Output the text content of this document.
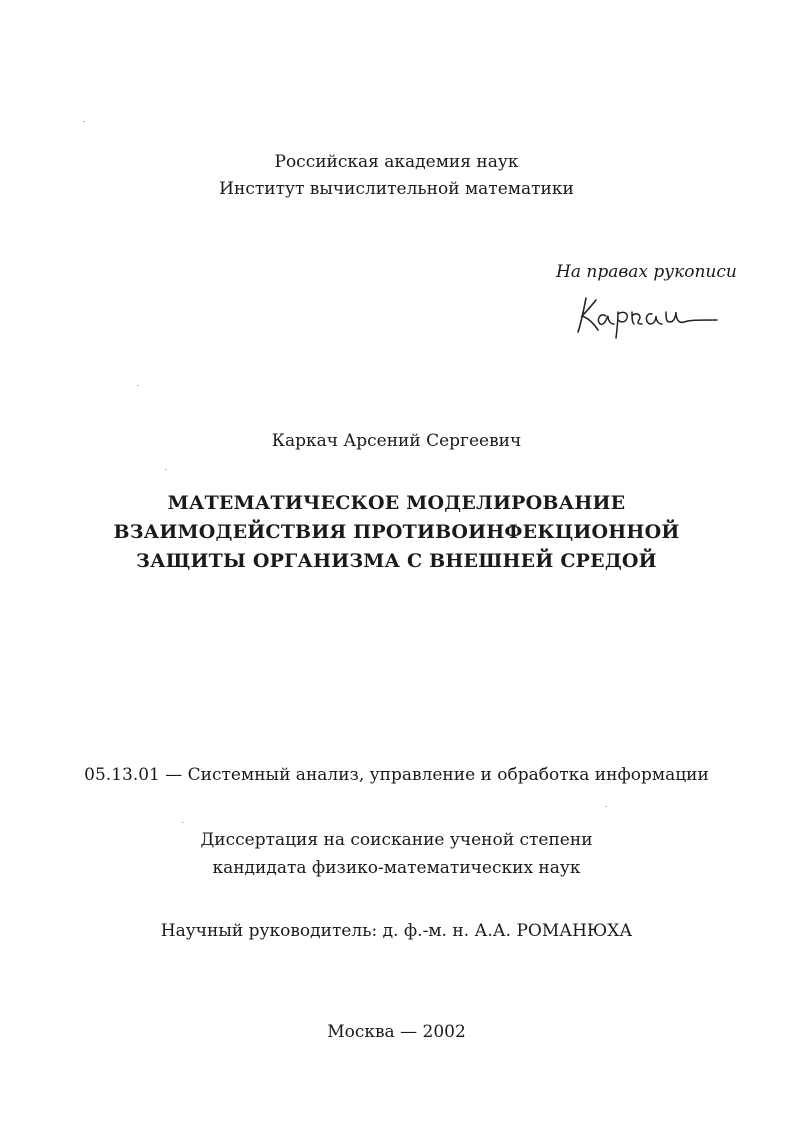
Российская академия наук
Институт вычислительной математики
На правах рукописи
Каркач
Каркач Арсений Сергеевич
МАТЕМАТИЧЕСКОЕ МОДЕЛИРОВАНИЕ
ВЗАИМОДЕЙСТВИЯ ПРОТИВОИНФЕКЦИОННОЙ
ЗАЩИТЫ ОРГАНИЗМА С ВНЕШНЕЙ СРЕДОЙ
05.13.01 — Системный анализ, управление и обработка информации
Диссертация на соискание ученой степени
кандидата физико-математических наук
Научный руководитель: д. ф.-м. н. А.А. РОМАНЮХА
Москва — 2002
